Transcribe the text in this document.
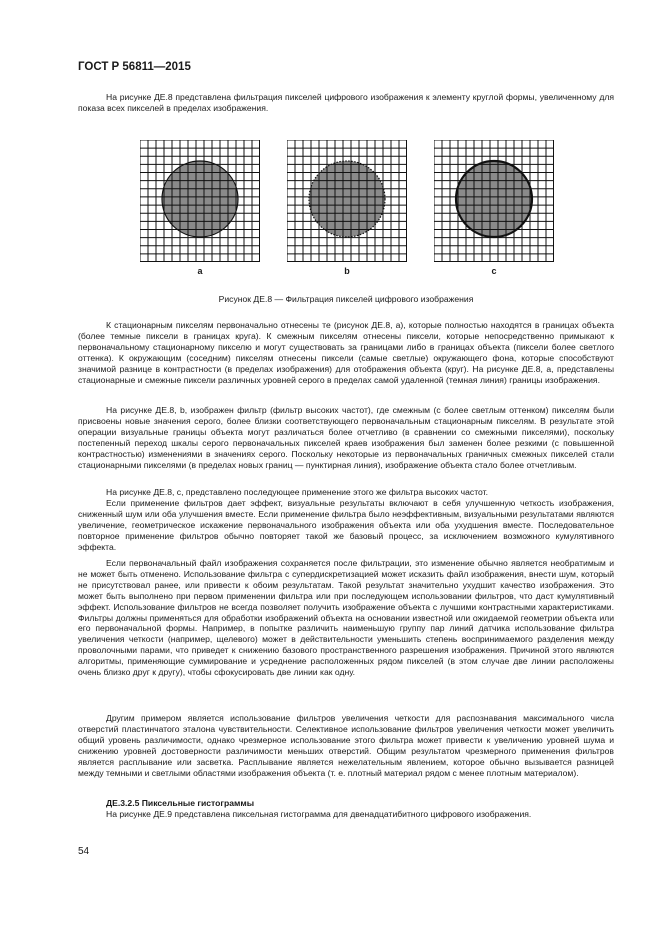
ГОСТ Р 56811—2015

На рисунке ДЕ.8 представлена фильтрация пикселей цифрового изображения к элементу круглой формы, увеличенному для показа всех пикселей в пределах изображения.

a	b	c
Рисунок ДЕ.8 — Фильтрация пикселей цифрового изображения

К стационарным пикселям первоначально отнесены те (рисунок ДЕ.8, а), которые полностью находятся в границах объекта (более темные пиксели в границах круга). К смежным пикселям отнесены пиксели, которые непосредственно примыкают к первоначальному стационарному пикселю и могут существовать за границами либо в границах объекта (пиксели более светлого оттенка). К окружающим (соседним) пикселям отнесены пиксели (самые светлые) окружающего фона, которые способствуют значимой разнице в контрастности (в пределах изображения) для отображения объекта (круг). На рисунке ДЕ.8, а, представлены стационарные и смежные пиксели различных уровней серого в пределах самой удаленной (темная линия) границы изображения.

На рисунке ДЕ.8, b, изображен фильтр (фильтр высоких частот), где смежным (с более светлым оттенком) пикселям были присвоены новые значения серого, более близки соответствующего первоначальным стационарным пикселям. В результате этой операции визуальные границы объекта могут различаться более отчетливо (в сравнении со смежными пикселями), поскольку постепенный переход шкалы серого первоначальных пикселей краев изображения был заменен более резкими (с повышенной контрастностью) изменениями в значениях серого. Поскольку некоторые из первоначальных граничных смежных пикселей стали стационарными пикселями (в пределах новых границ — пунктирная линия), изображение объекта стало более отчетливым.

На рисунке ДЕ.8, с, представлено последующее применение этого же фильтра высоких частот.

Если применение фильтров дает эффект, визуальные результаты включают в себя улучшенную четкость изображения, сниженный шум или оба улучшения вместе. Если применение фильтра было неэффективным, визуальными результатами являются увеличение, геометрическое искажение первоначального изображения объекта или оба ухудшения вместе. Последовательное повторное применение фильтров обычно повторяет такой же базовый процесс, за исключением возможного кумулятивного эффекта.

Если первоначальный файл изображения сохраняется после фильтрации, это изменение обычно является необратимым и не может быть отменено. Использование фильтра с супердискретизацией может исказить файл изображения, внести шум, который не присутствовал ранее, или привести к обоим результатам. Такой результат значительно ухудшит качество изображения. Это может быть выполнено при первом применении фильтра или при последующем использовании фильтров, что даст кумулятивный эффект. Использование фильтров не всегда позволяет получить изображение объекта с лучшими контрастными характеристиками. Фильтры должны применяться для обработки изображений объекта на основании известной или ожидаемой геометрии объекта или его первоначальной формы. Например, в попытке различить наименьшую группу пар линий датчика использование фильтра увеличения четкости (например, щелевого) может в действительности уменьшить степень воспринимаемого разделения между проволочными парами, что приведет к снижению базового пространственного разрешения изображения. Причиной этого являются алгоритмы, применяющие суммирование и усреднение расположенных рядом пикселей (в этом случае две линии расположены очень близко друг к другу), чтобы сфокусировать две линии как одну.

Другим примером является использование фильтров увеличения четкости для распознавания максимального числа отверстий пластинчатого эталона чувствительности. Селективное использование фильтров увеличения четкости может увеличить общий уровень различимости, однако чрезмерное использование этого фильтра может привести к увеличению уровней шума и снижению уровней достоверности различимости меньших отверстий. Общим результатом чрезмерного применения фильтров является расплывание или засветка. Расплывание является нежелательным явлением, которое обычно вызывается разницей между темными и светлыми областями изображения объекта (т. е. плотный материал рядом с менее плотным материалом).

ДЕ.3.2.5 Пиксельные гистограммы

На рисунке ДЕ.9 представлена пиксельная гистограмма для двенадцатибитного цифрового изображения.

54
